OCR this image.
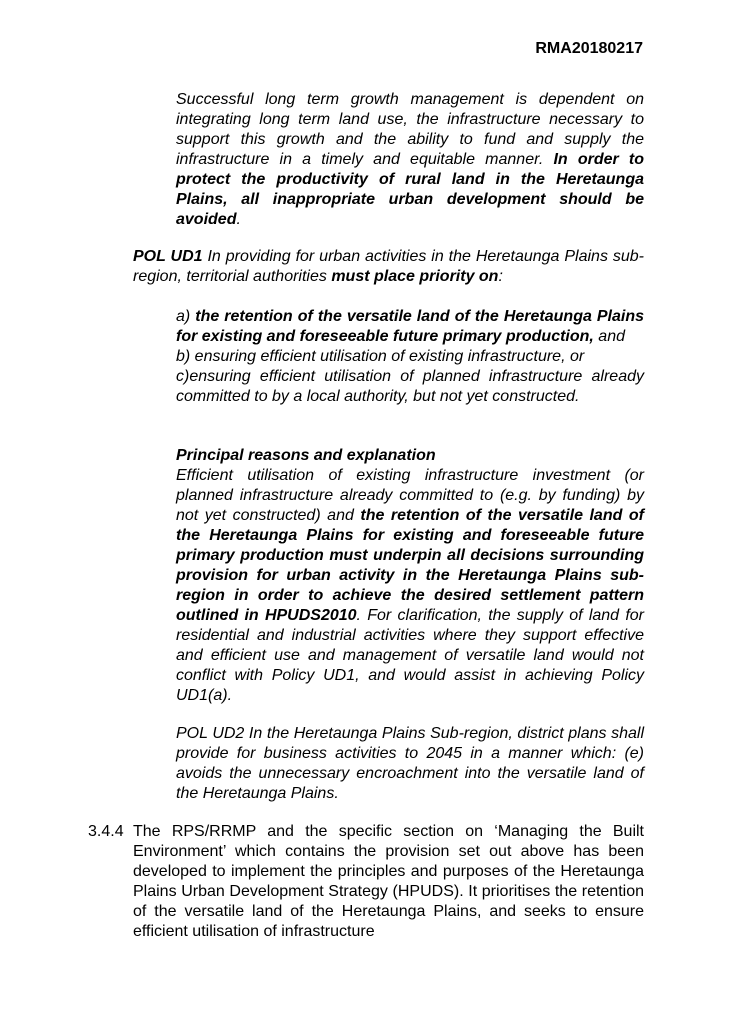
RMA20180217
Successful long term growth management is dependent on integrating long term land use, the infrastructure necessary to support this growth and the ability to fund and supply the infrastructure in a timely and equitable manner. In order to protect the productivity of rural land in the Heretaunga Plains, all inappropriate urban development should be avoided.
POL UD1 In providing for urban activities in the Heretaunga Plains sub-region, territorial authorities must place priority on:

a) the retention of the versatile land of the Heretaunga Plains for existing and foreseeable future primary production, and

b) ensuring efficient utilisation of existing infrastructure, or

c)ensuring efficient utilisation of planned infrastructure already committed to by a local authority, but not yet constructed.

Principal reasons and explanation
Efficient utilisation of existing infrastructure investment (or planned infrastructure already committed to (e.g. by funding) by not yet constructed) and the retention of the versatile land of the Heretaunga Plains for existing and foreseeable future primary production must underpin all decisions surrounding provision for urban activity in the Heretaunga Plains sub-region in order to achieve the desired settlement pattern outlined in HPUDS2010. For clarification, the supply of land for residential and industrial activities where they support effective and efficient use and management of versatile land would not conflict with Policy UD1, and would assist in achieving Policy UD1(a).
POL UD2 In the Heretaunga Plains Sub-region, district plans shall provide for business activities to 2045 in a manner which: (e) avoids the unnecessary encroachment into the versatile land of the Heretaunga Plains.
3.4.4 The RPS/RRMP and the specific section on ‘Managing the Built Environment’ which contains the provision set out above has been developed to implement the principles and purposes of the Heretaunga Plains Urban Development Strategy (HPUDS). It prioritises the retention of the versatile land of the Heretaunga Plains, and seeks to ensure efficient utilisation of infrastructure
